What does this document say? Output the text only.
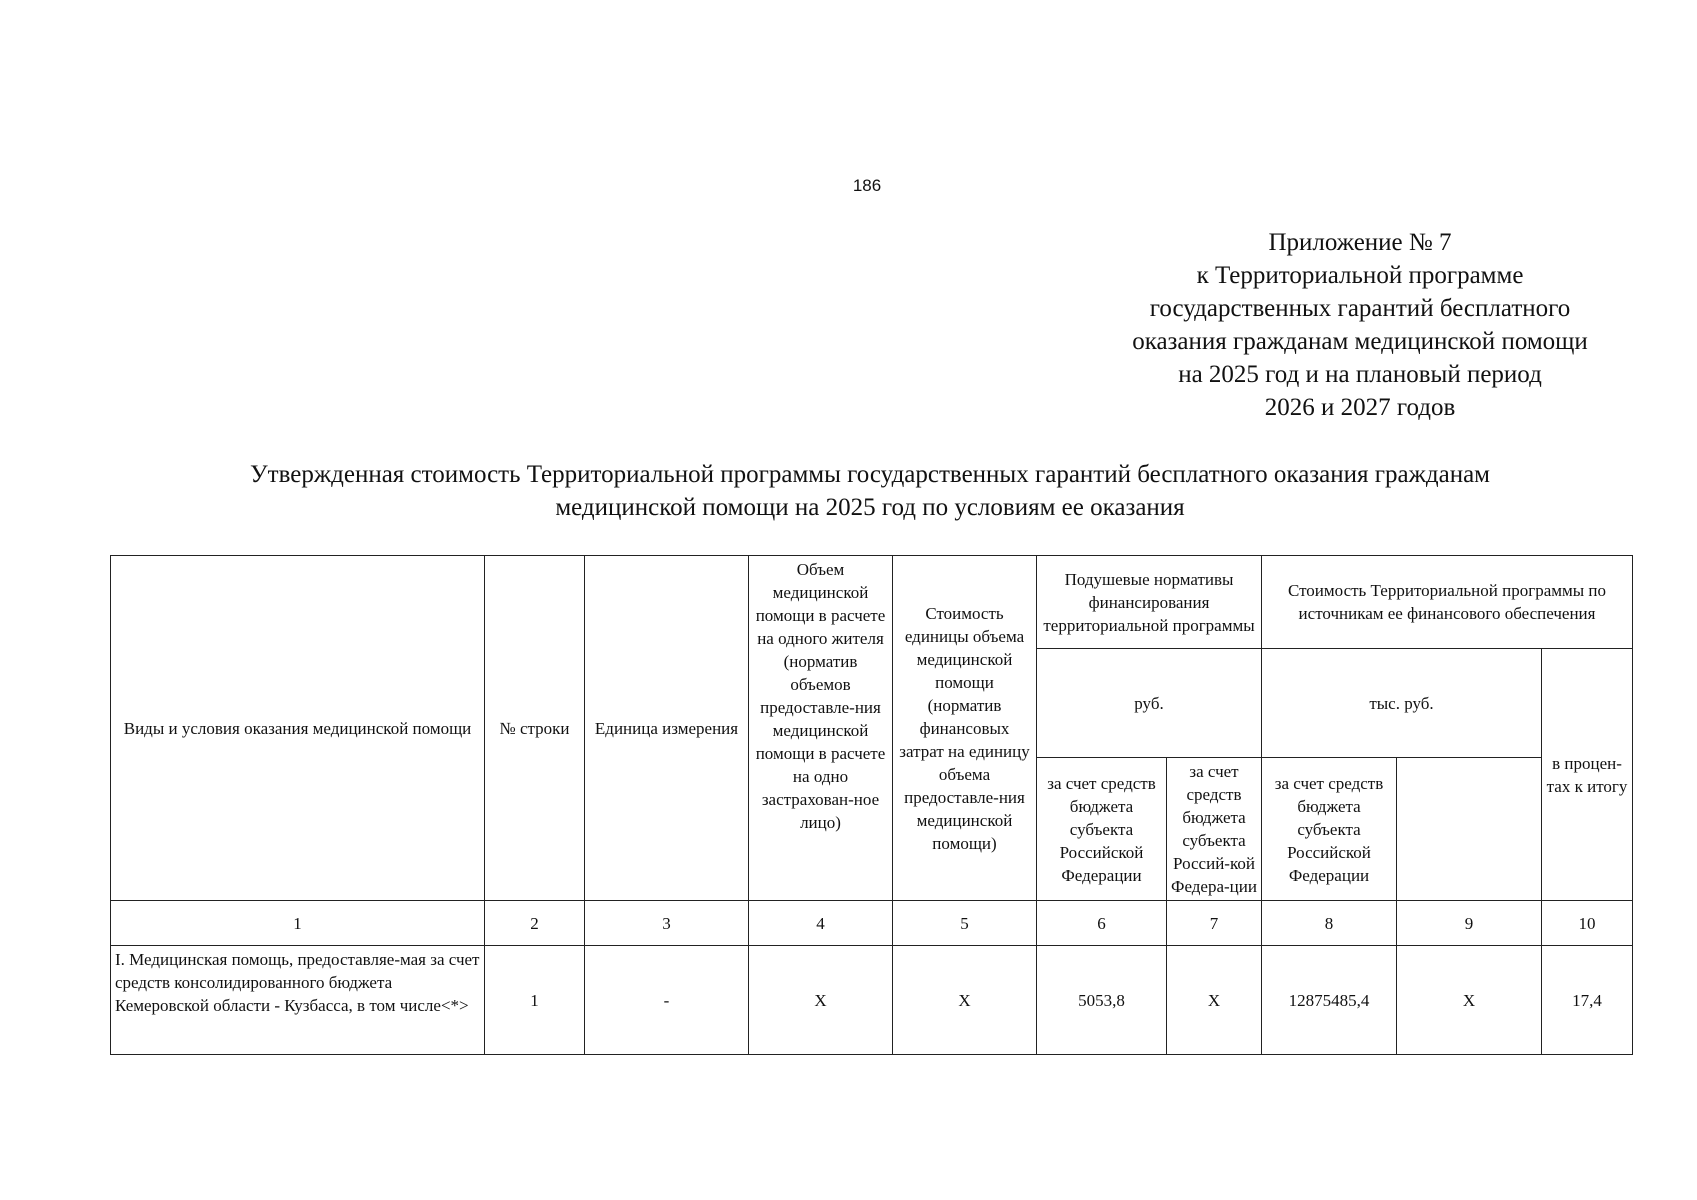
186
Приложение № 7
к Территориальной программе
государственных гарантий бесплатного
оказания гражданам медицинской помощи
на 2025 год и на плановый период
2026 и 2027 годов
Утвержденная стоимость Территориальной программы государственных гарантий бесплатного оказания гражданам
медицинской помощи на 2025 год по условиям ее оказания
Виды и условия оказания медицинской помощи	№ строки	Единица измерения	Объем медицинской помощи в расчете на одного жителя (норматив объемов предоставле-ния медицинской помощи в расчете на одно застрахован-ное лицо)	Стоимость единицы объема медицинской помощи (норматив финансовых затрат на единицу объема предоставле-ния медицинской помощи)	Подушевые нормативы финансирования территориальной программы		Стоимость Территориальной программы по источникам ее финансового обеспечения		
					руб.		тыс. руб.		в процен-тах к итогу
					за счет средств бюджета субъекта Российской Федерации	за счет средств бюджета субъекта Россий-кой Федера-ции	за счет средств бюджета субъекта Российской Федерации		
1	2	3	4	5	6	7	8	9	10
I. Медицинская помощь, предоставляе-мая за счет средств консолидированного бюджета Кемеровской области - Кузбасса, в том числе<*>	1	-	Х	Х	5053,8	Х	12875485,4	Х	17,4
